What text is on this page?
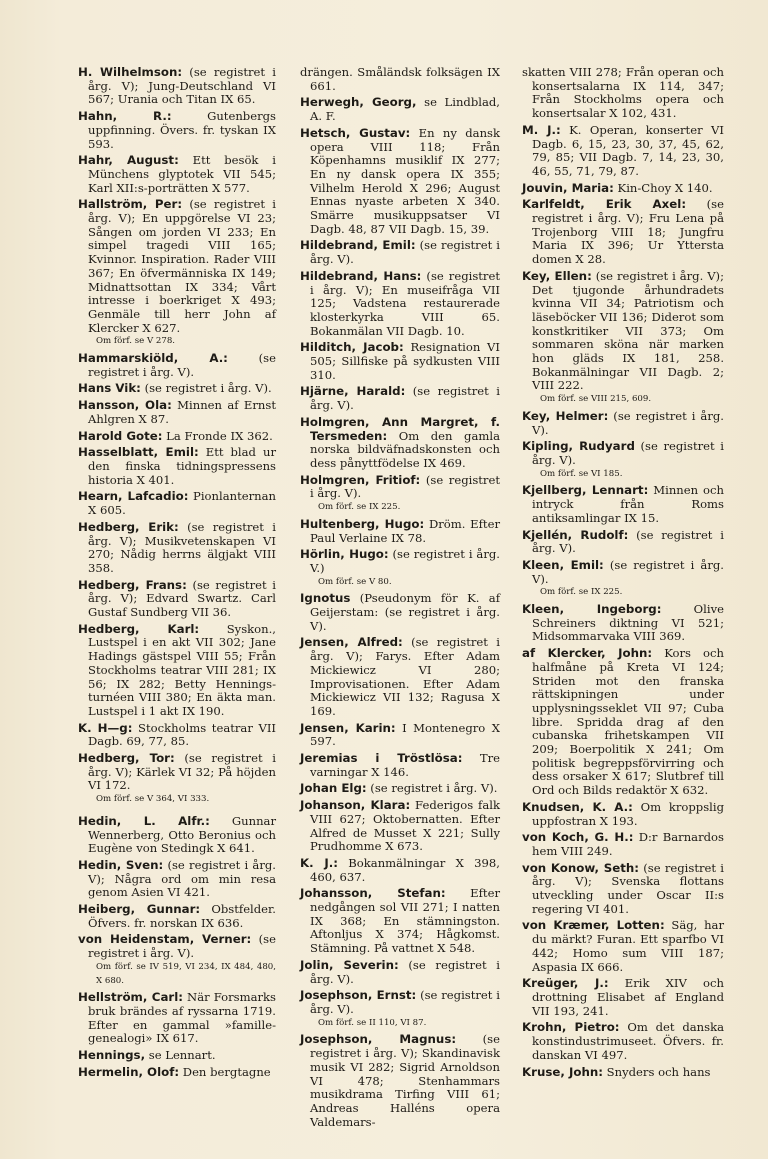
H. Wilhelmson: (se registret i årg. V); Jung-Deutschland VI 567; Urania och Titan IX 65.

Hahn, R.: Gutenbergs uppfinning. Övers. fr. tyskan IX 593.

Hahr, August: Ett besök i Münchens glyptotek VII 545; Karl XII:s-porträtten X 577.

Hallström, Per: (se registret i årg. V); En uppgörelse VI 23; Sången om jorden VI 233; En simpel tragedi VIII 165; Kvinnor. Inspiration. Rader VIII 367; En öfvermänniska IX 149; Midnattsottan IX 334; Vårt intresse i boerkriget X 493; Genmäle till herr John af Klercker X 627.
Om förf. se V 278.

Hammarskiöld, A.: (se registret i årg. V).

Hans Vik: (se registret i årg. V).

Hansson, Ola: Minnen af Ernst Ahlgren X 87.

Harold Gote: La Fronde IX 362.

Hasselblatt, Emil: Ett blad ur den finska tidningspressens historia X 401.

Hearn, Lafcadio: Pionlanternan X 605.

Hedberg, Erik: (se registret i årg. V); Musikvetenskapen VI 270; Nådig herrns älgjakt VIII 358.

Hedberg, Frans: (se registret i årg. V); Edvard Swartz. Carl Gustaf Sundberg VII 36.

Hedberg, Karl: Syskon., Lustspel i en akt VII 302; Jane Hadings gästspel VIII 55; Från Stockholms teatrar VIII 281; IX 56; IX 282; Betty Hennings-turnéen VIII 380; En äkta man. Lustspel i 1 akt IX 190.

K. H—g: Stockholms teatrar VII Dagb. 69, 77, 85.

Hedberg, Tor: (se registret i årg. V); Kärlek VI 32; På höjden VI 172.
Om förf. se V 364, VI 333.

Hedin, L. Alfr.: Gunnar Wennerberg, Otto Beronius och Eugène von Stedingk X 641.

Hedin, Sven: (se registret i årg. V); Några ord om min resa genom Asien VI 421.

Heiberg, Gunnar: Obstfelder. Öfvers. fr. norskan IX 636.

von Heidenstam, Verner: (se registret i årg. V).
Om förf. se IV 519, VI 234, IX 484, 480, X 680.

Hellström, Carl: När Forsmarks bruk brändes af ryssarna 1719. Efter en gammal »famille-genealogi» IX 617.

Hennings, se Lennart.

Hermelin, Olof: Den bergtagne

drängen. Småländsk folksägen IX 661.

Herwegh, Georg, se Lindblad, A. F.

Hetsch, Gustav: En ny dansk opera VIII 118; Från Köpenhamns musiklif IX 277; En ny dansk opera IX 355; Vilhelm Herold X 296; August Ennas nyaste arbeten X 340. Smärre musikuppsatser VI Dagb. 48, 87 VII Dagb. 15, 39.

Hildebrand, Emil: (se registret i årg. V).

Hildebrand, Hans: (se registret i årg. V); En museifråga VII 125; Vadstena restaurerade klosterkyrka VIII 65. Bokanmälan VII Dagb. 10.

Hilditch, Jacob: Resignation VI 505; Sillfiske på sydkusten VIII 310.

Hjärne, Harald: (se registret i årg. V).

Holmgren, Ann Margret, f. Tersmeden: Om den gamla norska bildväfnadskonsten och dess pånyttfödelse IX 469.

Holmgren, Fritiof: (se registret i årg. V).
Om förf. se IX 225.

Hultenberg, Hugo: Dröm. Efter Paul Verlaine IX 78.

Hörlin, Hugo: (se registret i årg. V.)
Om förf. se V 80.

Ignotus (Pseudonym för K. af Geijerstam: (se registret i årg. V).

Jensen, Alfred: (se registret i årg. V); Farys. Efter Adam Mickiewicz VI 280; Improvisationen. Efter Adam Mickiewicz VII 132; Ragusa X 169.

Jensen, Karin: I Montenegro X 597.

Jeremias i Tröstlösa: Tre varningar X 146.

Johan Elg: (se registret i årg. V).

Johanson, Klara: Federigos falk VIII 627; Oktobernatten. Efter Alfred de Musset X 221; Sully Prudhomme X 673.

K. J.: Bokanmälningar X 398, 460, 637.

Johansson, Stefan: Efter nedgången sol VII 271; I natten IX 368; En stämningston. Aftonljus X 374; Hågkomst. Stämning. På vattnet X 548.

Jolin, Severin: (se registret i årg. V).

Josephson, Ernst: (se registret i årg. V).
Om förf. se II 110, VI 87.

Josephson, Magnus: (se registret i årg. V); Skandinavisk musik VI 282; Sigrid Arnoldson VI 478; Stenhammars musikdrama Tirfing VIII 61; Andreas Halléns opera Valdemars-

skatten VIII 278; Från operan och konsertsalarna IX 114, 347; Från Stockholms opera och konsertsalar X 102, 431.

M. J.: K. Operan, konserter VI Dagb. 6, 15, 23, 30, 37, 45, 62, 79, 85; VII Dagb. 7, 14, 23, 30, 46, 55, 71, 79, 87.

Jouvin, Maria: Kin-Choy X 140.

Karlfeldt, Erik Axel: (se registret i årg. V); Fru Lena på Trojenborg VIII 18; Jungfru Maria IX 396; Ur Yttersta domen X 28.

Key, Ellen: (se registret i årg. V); Det tjugonde århundradets kvinna VII 34; Patriotism och läseböcker VII 136; Diderot som konstkritiker VII 373; Om sommaren sköna när marken hon gläds IX 181, 258. Bokanmälningar VII Dagb. 2; VIII 222.
Om förf. se VIII 215, 609.

Key, Helmer: (se registret i årg. V).

Kipling, Rudyard (se registret i årg. V).
Om förf. se VI 185.

Kjellberg, Lennart: Minnen och intryck från Roms antiksamlingar IX 15.

Kjellén, Rudolf: (se registret i årg. V).

Kleen, Emil: (se registret i årg. V).
Om förf. se IX 225.

Kleen, Ingeborg: Olive Schreiners diktning VI 521; Midsommarvaka VIII 369.

af Klercker, John: Kors och halfmåne på Kreta VI 124; Striden mot den franska rättskipningen under upplysningsseklet VII 97; Cuba libre. Spridda drag af den cubanska frihetskampen VII 209; Boerpolitik X 241; Om politisk begreppsförvirring och dess orsaker X 617; Slutbref till Ord och Bilds redaktör X 632.

Knudsen, K. A.: Om kroppslig uppfostran X 193.

von Koch, G. H.: D:r Barnardos hem VIII 249.

von Konow, Seth: (se registret i årg. V); Svenska flottans utveckling under Oscar II:s regering VI 401.

von Kræmer, Lotten: Säg, har du märkt? Furan. Ett sparfbo VI 442; Homo sum VIII 187; Aspasia IX 666.

Kreüger, J.: Erik XIV och drottning Elisabet af England VII 193, 241.

Krohn, Pietro: Om det danska konstindustrimuseet. Öfvers. fr. danskan VI 497.

Kruse, John: Snyders och hans
